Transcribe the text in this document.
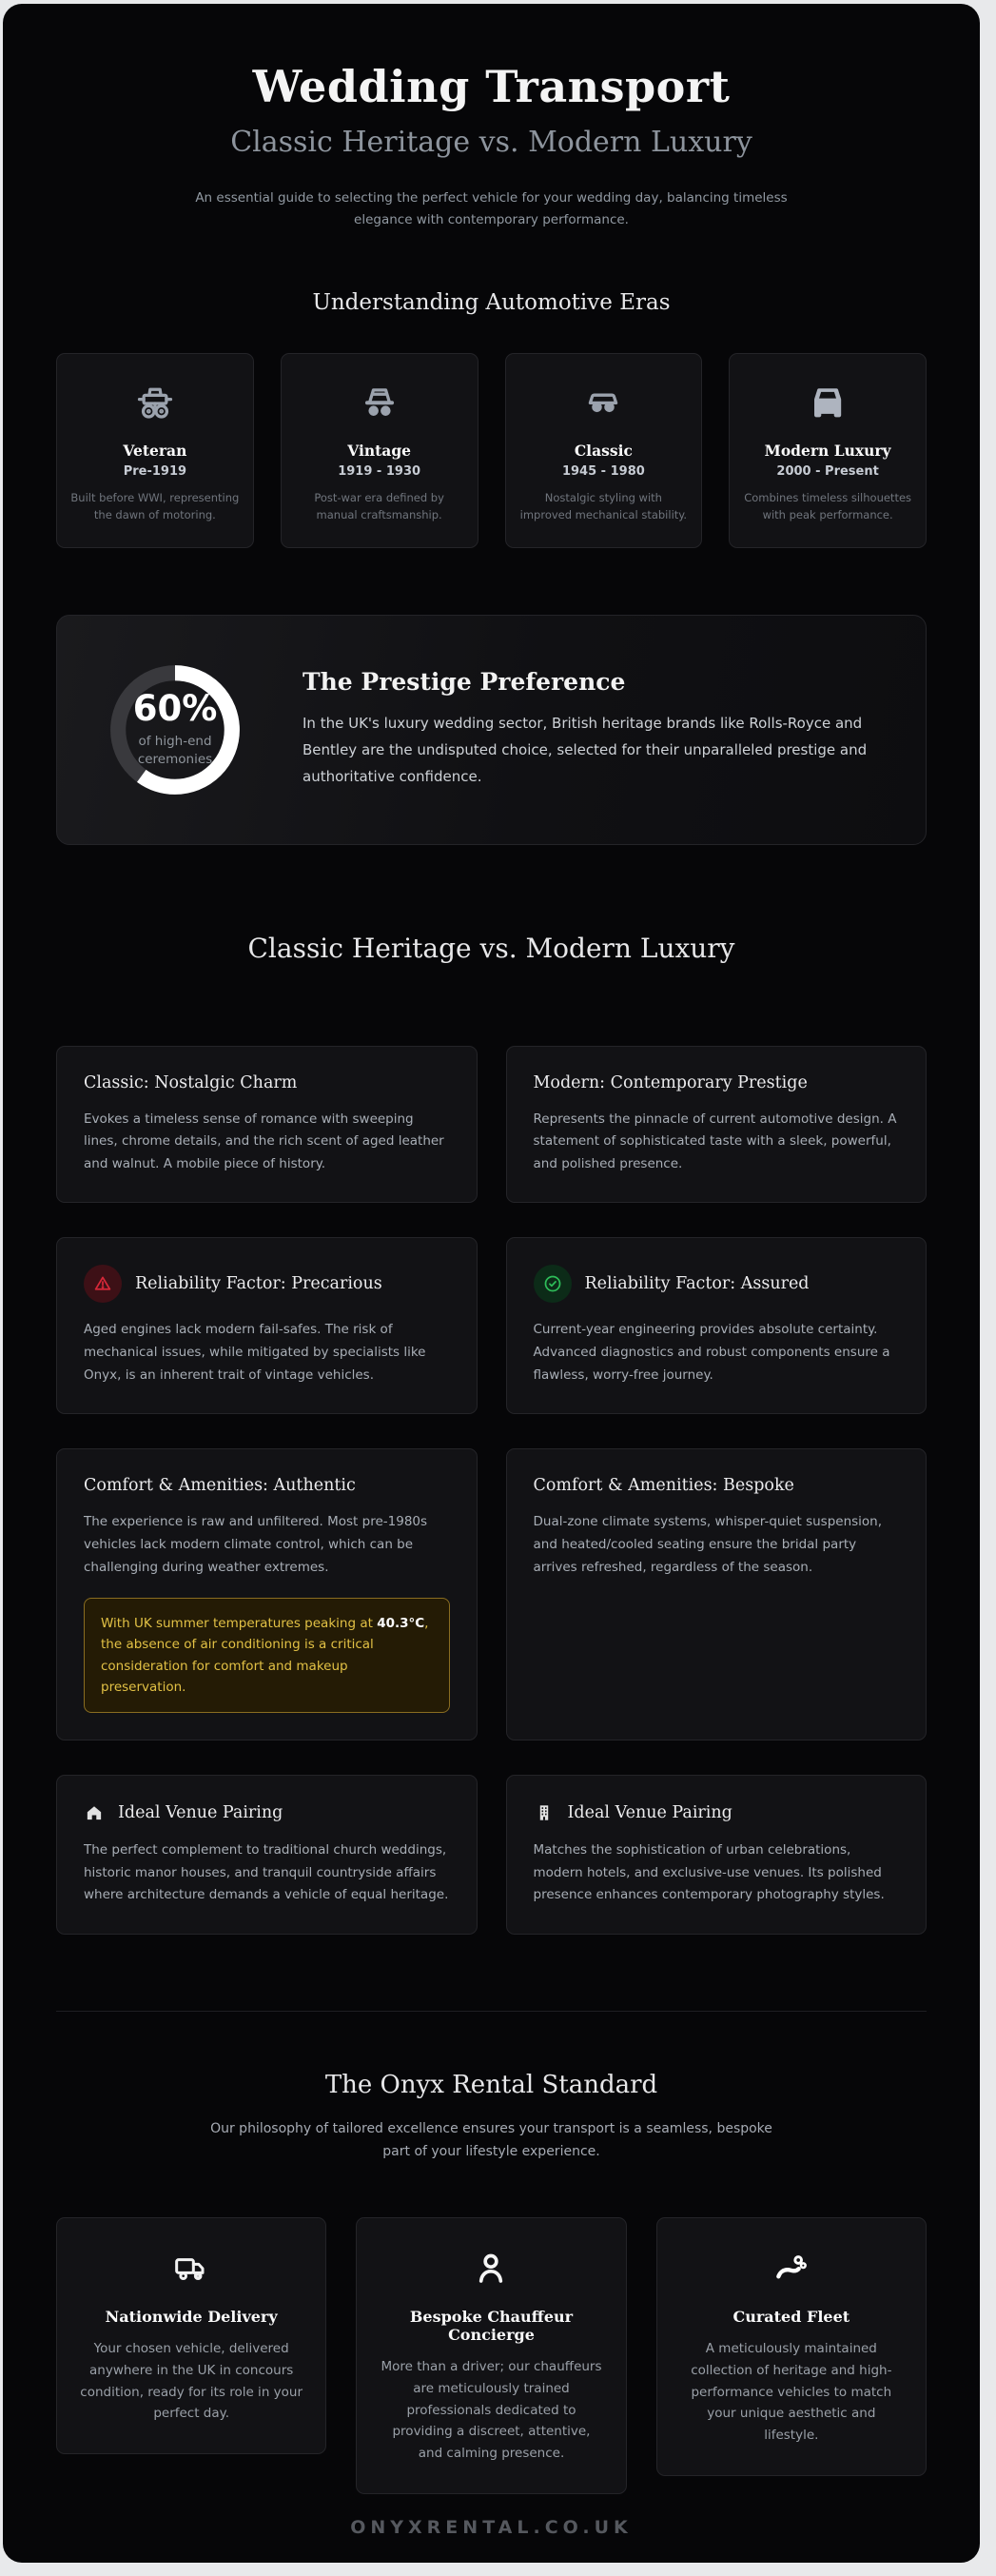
Wedding Transport
Classic Heritage vs. Modern Luxury

An essential guide to selecting the perfect vehicle for your wedding day, balancing timeless elegance with contemporary performance.

Understanding Automotive Eras
Veteran
Pre-1919
Built before WWI, representing the dawn of motoring.
Vintage
1919 - 1930
Post-war era defined by manual craftsmanship.
Classic
1945 - 1980
Nostalgic styling with improved mechanical stability.
Modern Luxury
2000 - Present
Combines timeless silhouettes with peak performance.
60%
of high-end
ceremonies
The Prestige Preference

In the UK's luxury wedding sector, British heritage brands like Rolls-Royce and Bentley are the undisputed choice, selected for their unparalleled prestige and authoritative confidence.

Classic Heritage vs. Modern Luxury
Classic: Nostalgic Charm
Evokes a timeless sense of romance with sweeping lines, chrome details, and the rich scent of aged leather and walnut. A mobile piece of history.
Modern: Contemporary Prestige
Represents the pinnacle of current automotive design. A statement of sophisticated taste with a sleek, powerful, and polished presence.
Reliability Factor: Precarious
Aged engines lack modern fail-safes. The risk of mechanical issues, while mitigated by specialists like Onyx, is an inherent trait of vintage vehicles.
Reliability Factor: Assured
Current-year engineering provides absolute certainty. Advanced diagnostics and robust components ensure a flawless, worry-free journey.
Comfort & Amenities: Authentic
The experience is raw and unfiltered. Most pre-1980s vehicles lack modern climate control, which can be challenging during weather extremes.
With UK summer temperatures peaking at 40.3°C, the absence of air conditioning is a critical consideration for comfort and makeup preservation.
Comfort & Amenities: Bespoke
Dual-zone climate systems, whisper-quiet suspension, and heated/cooled seating ensure the bridal party arrives refreshed, regardless of the season.
Ideal Venue Pairing
The perfect complement to traditional church weddings, historic manor houses, and tranquil countryside affairs where architecture demands a vehicle of equal heritage.
Ideal Venue Pairing
Matches the sophistication of urban celebrations, modern hotels, and exclusive-use venues. Its polished presence enhances contemporary photography styles.
The Onyx Rental Standard

Our philosophy of tailored excellence ensures your transport is a seamless, bespoke part of your lifestyle experience.

Nationwide Delivery
Your chosen vehicle, delivered anywhere in the UK in concours condition, ready for its role in your perfect day.
Bespoke Chauffeur Concierge
More than a driver; our chauffeurs are meticulously trained professionals dedicated to providing a discreet, attentive, and calming presence.
Curated Fleet
A meticulously maintained collection of heritage and high-performance vehicles to match your unique aesthetic and lifestyle.
ONYXRENTAL.CO.UK
